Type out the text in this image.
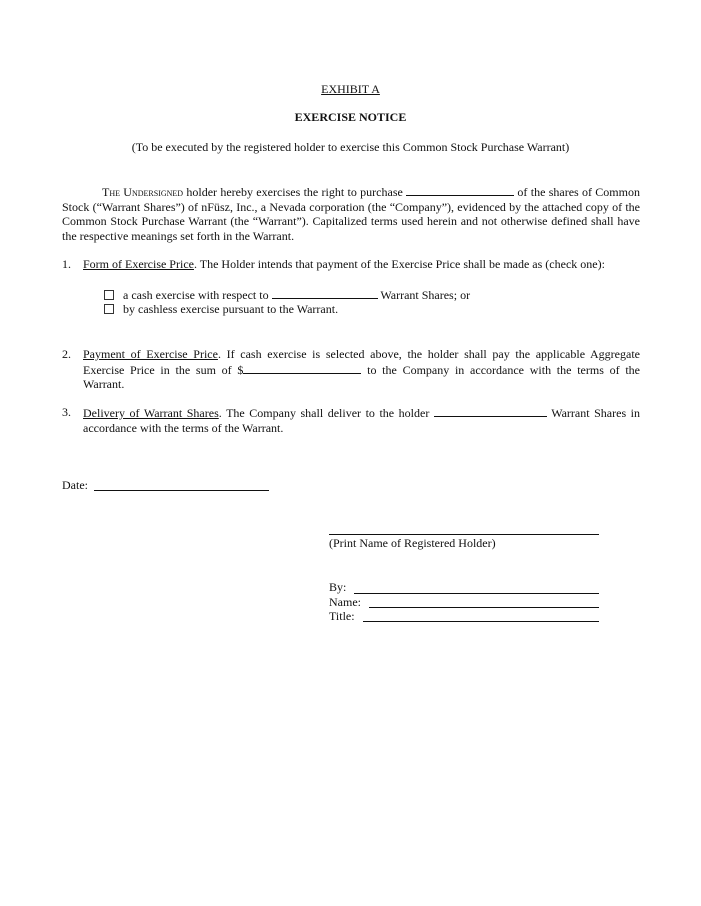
EXHIBIT A
EXERCISE NOTICE
(To be executed by the registered holder to exercise this Common Stock Purchase Warrant)
The Undersigned holder hereby exercises the right to purchase	of the shares of Common Stock (“Warrant Shares”) of nFüsz, Inc., a Nevada corporation (the “Company”), evidenced by the attached copy of the Common Stock Purchase Warrant (the “Warrant”). Capitalized terms used herein and not otherwise defined shall have the respective meanings set forth in the Warrant.
1. Form of Exercise Price. The Holder intends that payment of the Exercise Price shall be made as (check one):
a cash exercise with respect to	Warrant Shares; or
by cashless exercise pursuant to the Warrant.
2. Payment of Exercise Price. If cash exercise is selected above, the holder shall pay the applicable Aggregate Exercise Price in the sum of $	to the Company in accordance with the terms of the Warrant.
3. Delivery of Warrant Shares. The Company shall deliver to the holder	Warrant Shares in accordance with the terms of the Warrant.
Date:
(Print Name of Registered Holder)
By:
Name:
Title:
